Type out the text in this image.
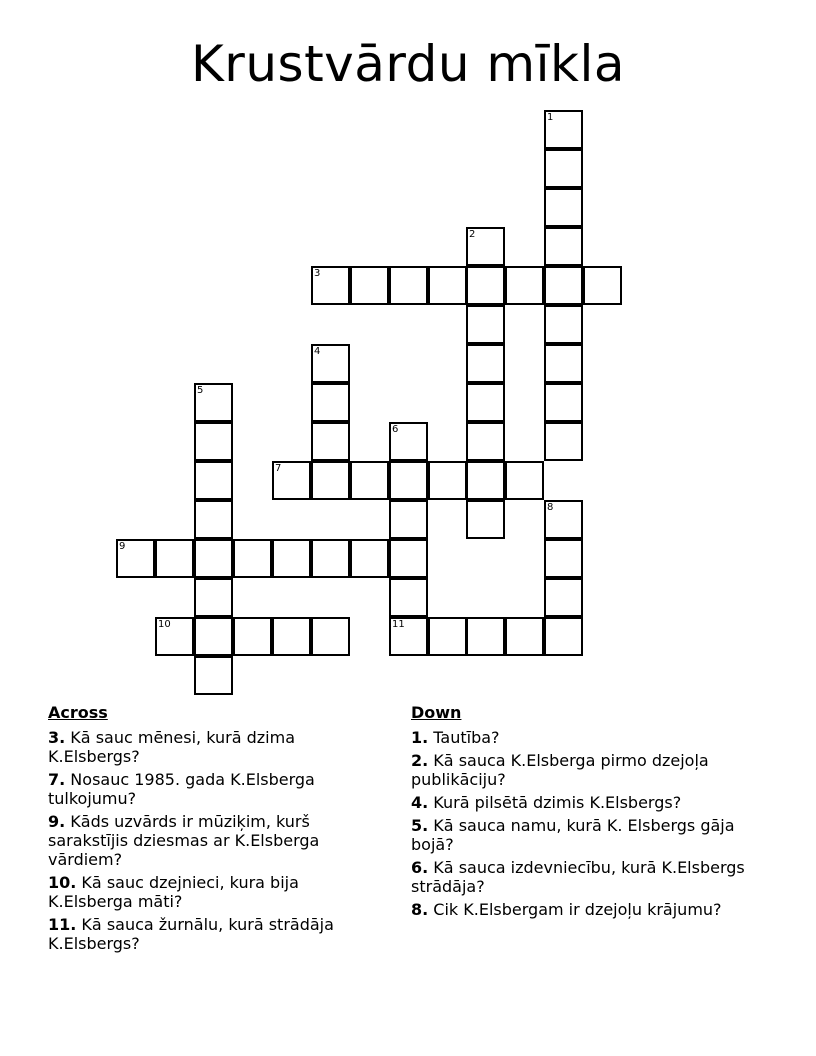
Krustvārdu mīkla
1
2
3
4
5
6
7
8
9
10	11
Across
3. Kā sauc mēnesi, kurā dzima K.Elsbergs?
7. Nosauc 1985. gada K.Elsberga tulkojumu?
9. Kāds uzvārds ir mūziķim, kurš sarakstījis dziesmas ar K.Elsberga vārdiem?
10. Kā sauc dzejnieci, kura bija K.Elsberga māti?
11. Kā sauca žurnālu, kurā strādāja K.Elsbergs?
Down
1. Tautība?
2. Kā sauca K.Elsberga pirmo dzejoļa publikāciju?
4. Kurā pilsētā dzimis K.Elsbergs?
5. Kā sauca namu, kurā K. Elsbergs gāja bojā?
6. Kā sauca izdevniecību, kurā K.Elsbergs strādāja?
8. Cik K.Elsbergam ir dzejoļu krājumu?
